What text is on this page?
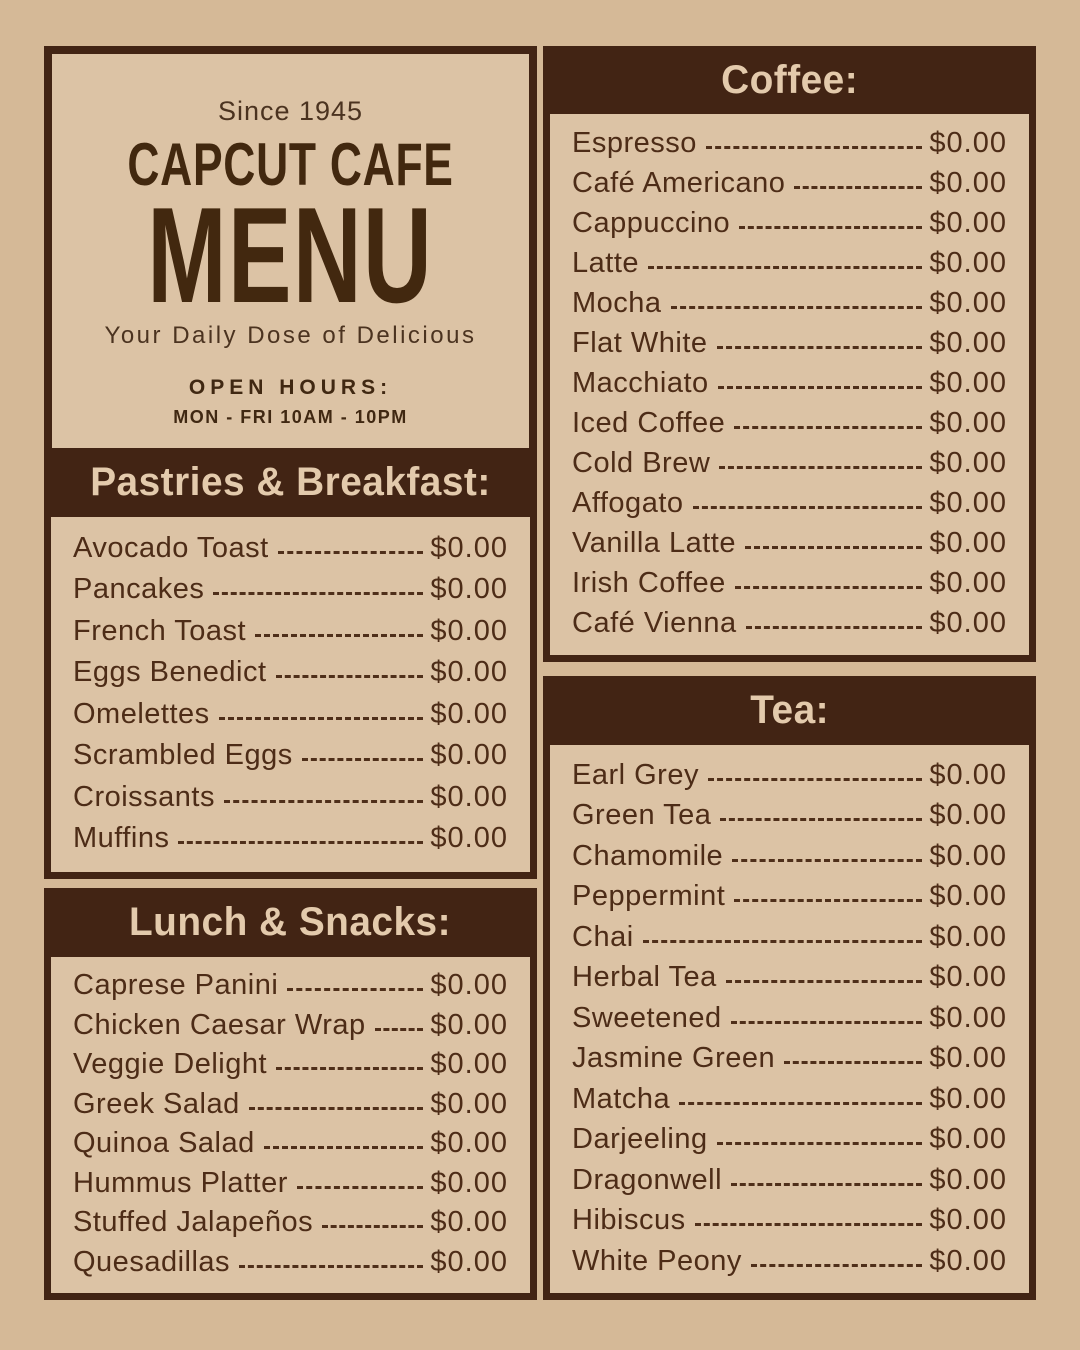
Since 1945
CAPCUT CAFE
MENU
Your Daily Dose of Delicious
OPEN HOURS:
MON - FRI 10AM - 10PM
Pastries & Breakfast:
Avocado Toast	$0.00
Pancakes	$0.00
French Toast	$0.00
Eggs Benedict	$0.00
Omelettes	$0.00
Scrambled Eggs	$0.00
Croissants	$0.00
Muffins	$0.00
Lunch & Snacks:
Caprese Panini	$0.00
Chicken Caesar Wrap $0.00
Veggie Delight	$0.00
Greek Salad	$0.00
Quinoa Salad	$0.00
Hummus Platter	$0.00
Stuffed Jalapeños	$0.00
Quesadillas	$0.00
Coffee:
Espresso	$0.00
Café Americano	$0.00
Cappuccino	$0.00
Latte	$0.00
Mocha	$0.00
Flat White	$0.00
Macchiato	$0.00
Iced Coffee	$0.00
Cold Brew	$0.00
Affogato	$0.00
Vanilla Latte	$0.00
Irish Coffee	$0.00
Café Vienna	$0.00
Tea:
Earl Grey	$0.00
Green Tea	$0.00
Chamomile	$0.00
Peppermint	$0.00
Chai	$0.00
Herbal Tea	$0.00
Sweetened	$0.00
Jasmine Green	$0.00
Matcha	$0.00
Darjeeling	$0.00
Dragonwell	$0.00
Hibiscus	$0.00
White Peony	$0.00
